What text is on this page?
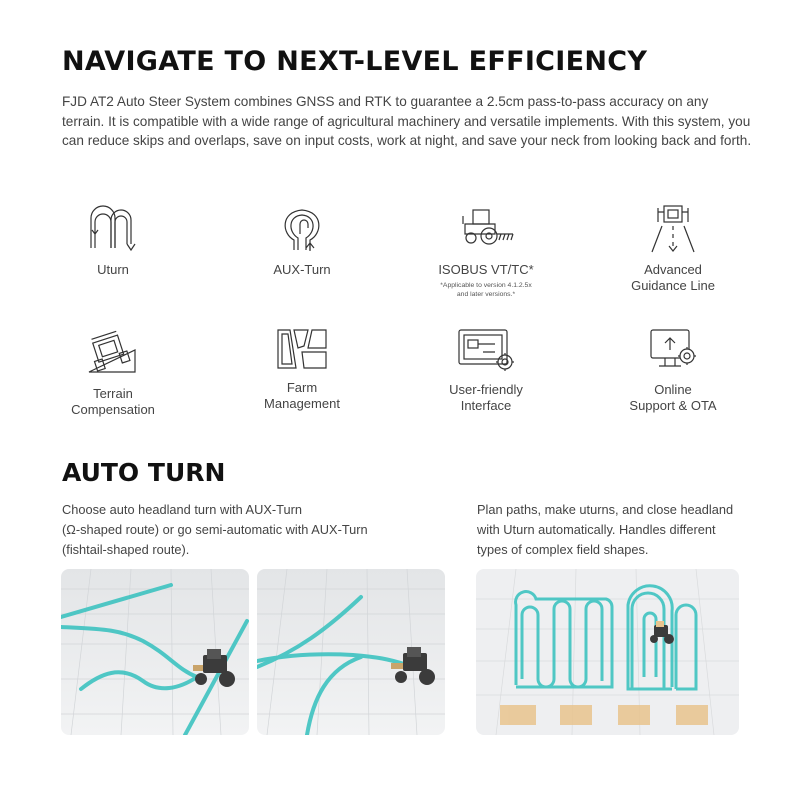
NAVIGATE TO NEXT-LEVEL EFFICIENCY

FJD AT2 Auto Steer System combines GNSS and RTK to guarantee a 2.5cm pass-to-pass accuracy on any terrain. It is compatible with a wide range of agricultural machinery and versatile implements. With this system, you can reduce skips and overlaps, save on input costs, work at night, and save your neck from looking back and forth.

Uturn	AUX-Turn	ISOBUS VT/TC*
*Applicable to version 4.1.2.5x
and later versions.*
Advanced
Guidance Line
Terrain
Compensation
Farm
Management
User-friendly
Interface
Online
Support & OTA
AUTO TURN

Choose auto headland turn with AUX-Turn
(Ω-shaped route) or go semi-automatic with AUX-Turn
(fishtail-shaped route).

Plan paths, make uturns, and close headland
with Uturn automatically. Handles different
types of complex field shapes.
